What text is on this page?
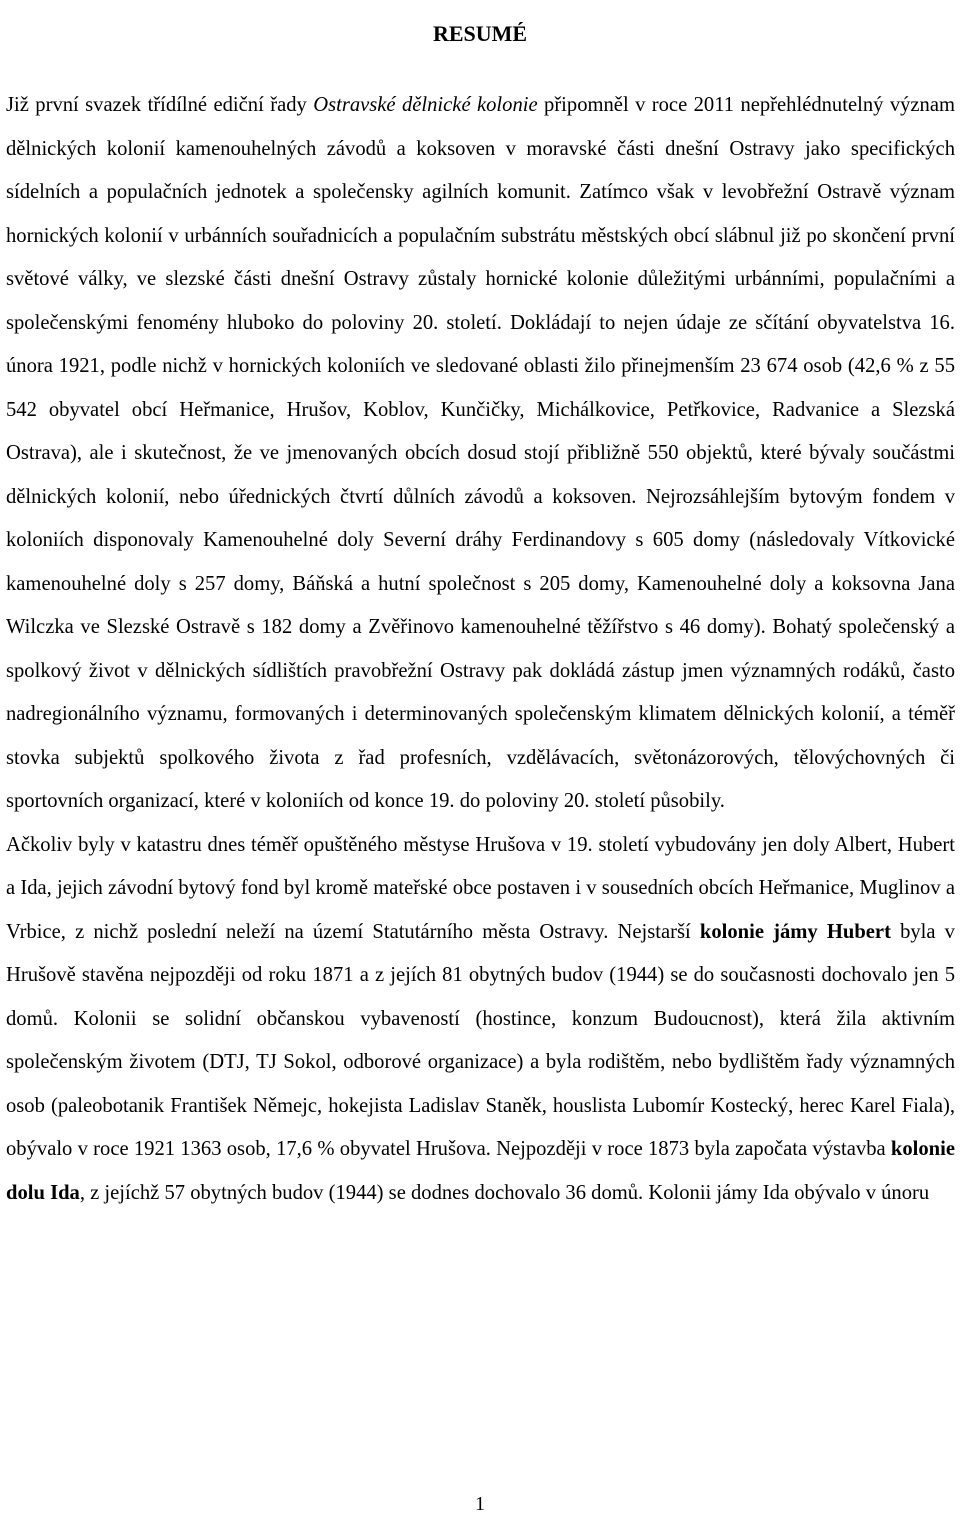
RESUMÉ

Již první svazek třídílné ediční řady Ostravské dělnické kolonie připomněl v roce 2011 nepřehlédnutelný význam dělnických kolonií kamenouhelných závodů a koksoven v moravské části dnešní Ostravy jako specifických sídelních a populačních jednotek a společensky agilních komunit. Zatímco však v levobřežní Ostravě význam hornických kolonií v urbánních souřadnicích a populačním substrátu městských obcí slábnul již po skončení první světové války, ve slezské části dnešní Ostravy zůstaly hornické kolonie důležitými urbánními, populačními a společenskými fenomény hluboko do poloviny 20. století. Dokládají to nejen údaje ze sčítání obyvatelstva 16. února 1921, podle nichž v hornických koloniích ve sledované oblasti žilo přinejmenším 23 674 osob (42,6 % z 55 542 obyvatel obcí Heřmanice, Hrušov, Koblov, Kunčičky, Michálkovice, Petřkovice, Radvanice a Slezská Ostrava), ale i skutečnost, že ve jmenovaných obcích dosud stojí přibližně 550 objektů, které bývaly součástmi dělnických kolonií, nebo úřednických čtvrtí důlních závodů a koksoven. Nejrozsáhlejším bytovým fondem v koloniích disponovaly Kamenouhelné doly Severní dráhy Ferdinandovy s 605 domy (následovaly Vítkovické kamenouhelné doly s 257 domy, Báňská a hutní společnost s 205 domy, Kamenouhelné doly a koksovna Jana Wilczka ve Slezské Ostravě s 182 domy a Zvěřinovo kamenouhelné těžířstvo s 46 domy). Bohatý společenský a spolkový život v dělnických sídlištích pravobřežní Ostravy pak dokládá zástup jmen významných rodáků, často nadregionálního významu, formovaných i determinovaných společenským klimatem dělnických kolonií, a téměř stovka subjektů spolkového života z řad profesních, vzdělávacích, světonázorových, tělovýchovných či sportovních organizací, které v koloniích od konce 19. do poloviny 20. století působily.

Ačkoliv byly v katastru dnes téměř opuštěného městyse Hrušova v 19. století vybudovány jen doly Albert, Hubert a Ida, jejich závodní bytový fond byl kromě mateřské obce postaven i v sousedních obcích Heřmanice, Muglinov a Vrbice, z nichž poslední neleží na území Statutárního města Ostravy. Nejstarší kolonie jámy Hubert byla v Hrušově stavěna nejpozději od roku 1871 a z jejích 81 obytných budov (1944) se do současnosti dochovalo jen 5 domů. Kolonii se solidní občanskou vybaveností (hostince, konzum Budoucnost), která žila aktivním společenským životem (DTJ, TJ Sokol, odborové organizace) a byla rodištěm, nebo bydlištěm řady významných osob (paleobotanik František Němejc, hokejista Ladislav Staněk, houslista Lubomír Kostecký, herec Karel Fiala), obývalo v roce 1921 1363 osob, 17,6 % obyvatel Hrušova. Nejpozději v roce 1873 byla započata výstavba kolonie dolu Ida, z jejíchž 57 obytných budov (1944) se dodnes dochovalo 36 domů. Kolonii jámy Ida obývalo v únoru

1
